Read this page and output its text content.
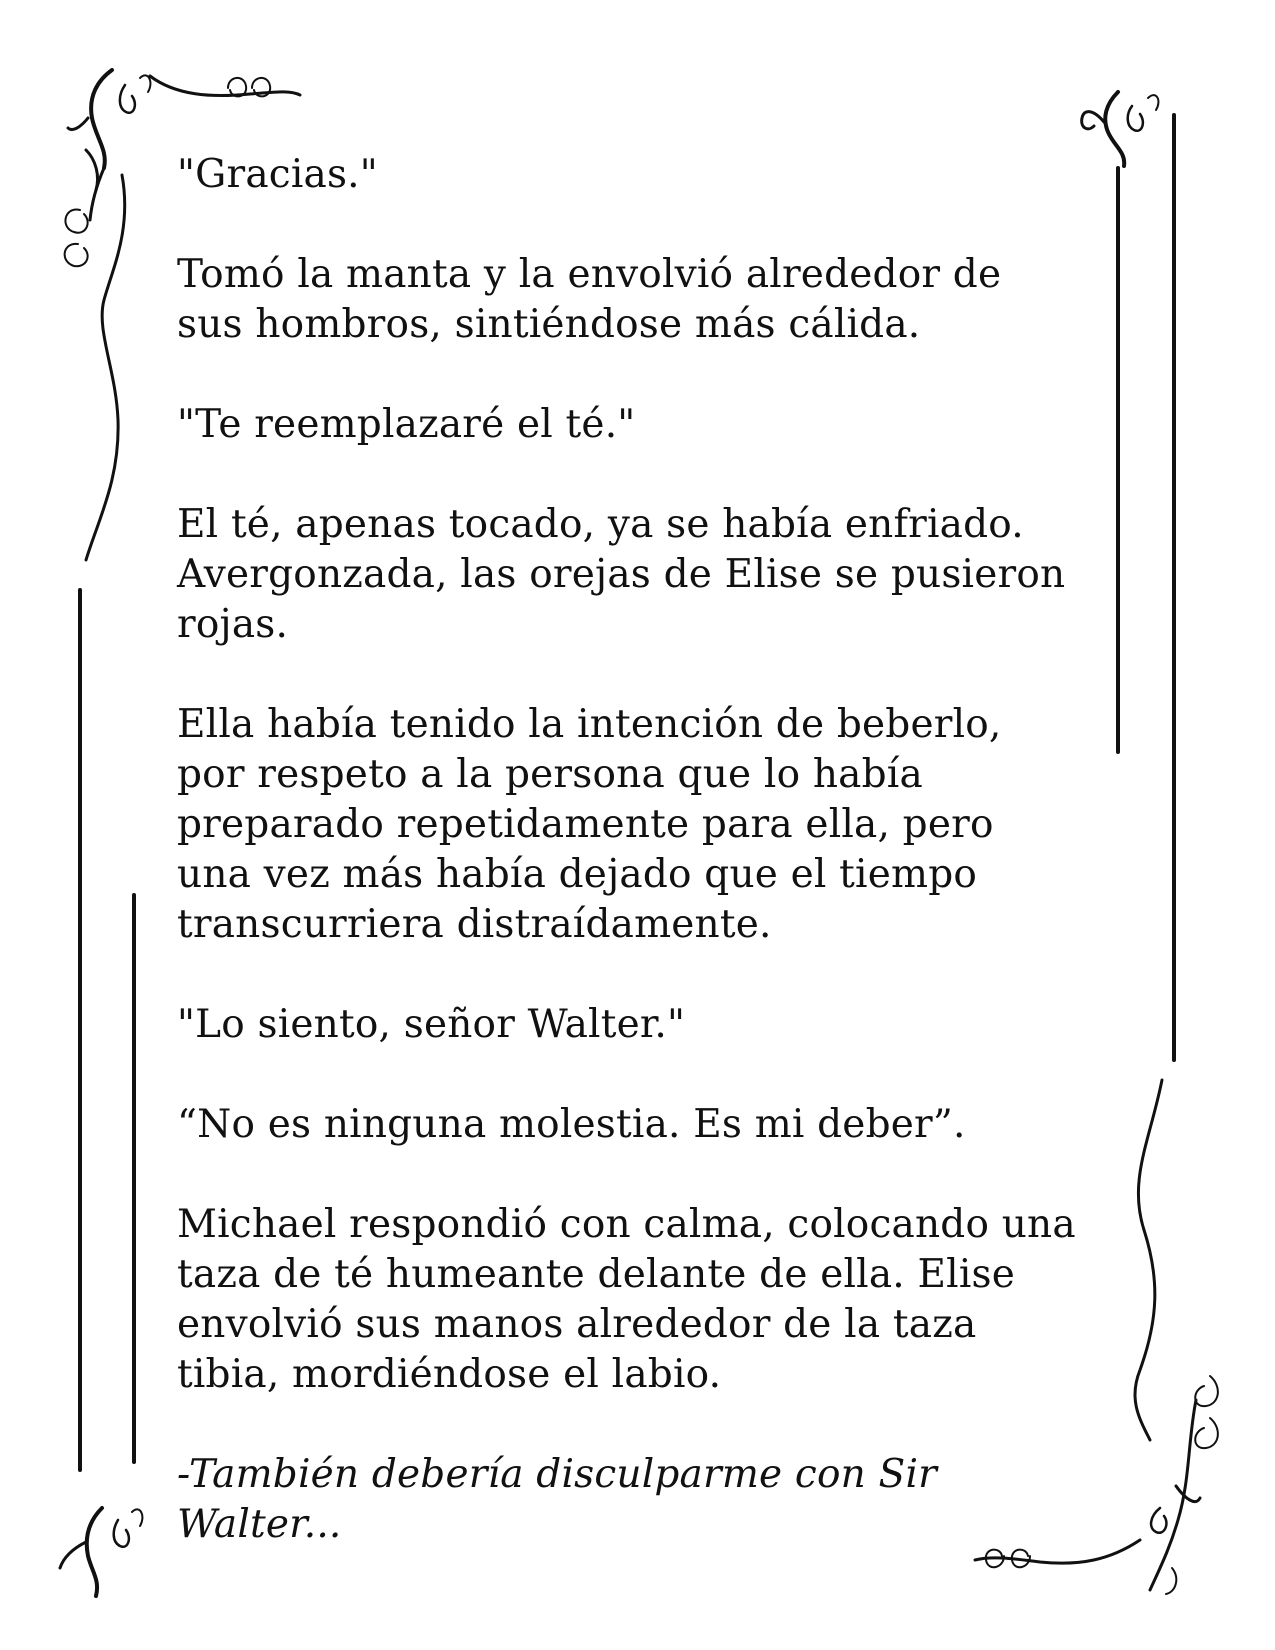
"Gracias."

Tomó la manta y la envolvió alrededor de sus hombros, sintiéndose más cálida.

"Te reemplazaré el té."

El té, apenas tocado, ya se había enfriado. Avergonzada, las orejas de Elise se pusieron rojas.

Ella había tenido la intención de beberlo, por respeto a la persona que lo había preparado repetidamente para ella, pero una vez más había dejado que el tiempo transcurriera distraídamente.

"Lo siento, señor Walter."

“No es ninguna molestia. Es mi deber”.

Michael respondió con calma, colocando una taza de té humeante delante de ella. Elise envolvió sus manos alrededor de la taza tibia, mordiéndose el labio.

-También debería disculparme con Sir Walter...
